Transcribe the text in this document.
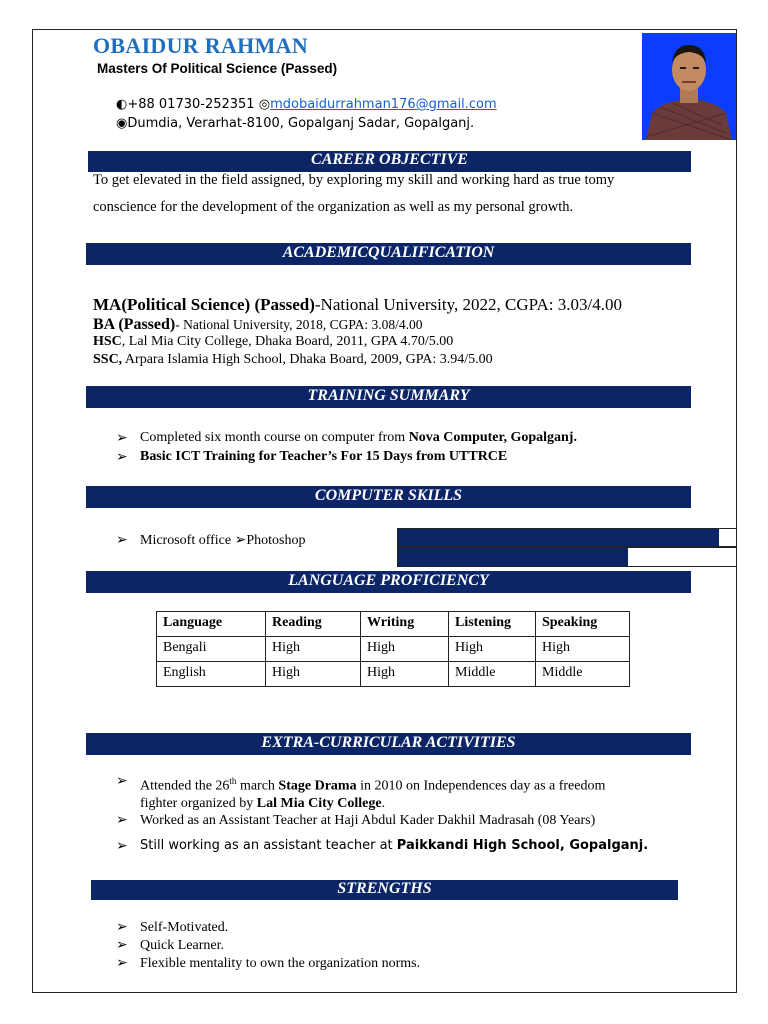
OBAIDUR RAHMAN
Masters Of Political Science (Passed)
◐+88 01730-252351 ◎mdobaidurrahman176@gmail.com
◉Dumdia, Verarhat-8100, Gopalganj Sadar, Gopalganj.
CAREER OBJECTIVE
To get elevated in the field assigned, by exploring my skill and working hard as true tomy
conscience for the development of the organization as well as my personal growth.
ACADEMICQUALIFICATION
MA(Political Science) (Passed)-National University, 2022, CGPA: 3.03/4.00
BA (Passed)- National University, 2018, CGPA: 3.08/4.00
HSC, Lal Mia City College, Dhaka Board, 2011, GPA 4.70/5.00
SSC, Arpara Islamia High School, Dhaka Board, 2009, GPA: 3.94/5.00
TRAINING SUMMARY
➢ Completed six month course on computer from Nova Computer, Gopalganj.
➢ Basic ICT Training for Teacher’s For 15 Days from UTTRCE
COMPUTER SKILLS
➢ Microsoft office ➢Photoshop
LANGUAGE PROFICIENCY
Language	Reading	Writing	Listening	Speaking
Bengali	High	High	High	High
English	High	High	Middle	Middle
EXTRA-CURRICULAR ACTIVITIES
➢ Attended the 26th march Stage Drama in 2010 on Independences day as a freedom
fighter organized by Lal Mia City College.
➢ Worked as an Assistant Teacher at Haji Abdul Kader Dakhil Madrasah (08 Years)
➢ Still working as an assistant teacher at Paikkandi High School, Gopalganj.
STRENGTHS
➢ Self-Motivated.
➢ Quick Learner.
➢ Flexible mentality to own the organization norms.
